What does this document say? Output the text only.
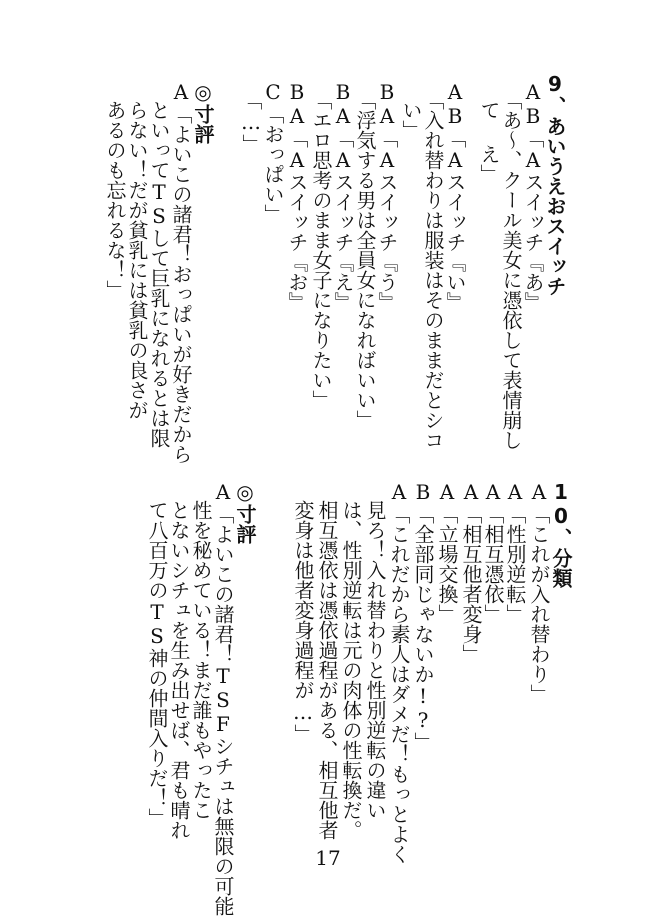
9、あいうえおスイッチ
AB「Aスイッチ『あ』
　「あ～、クール美女に憑依して表情崩し
　て え」
AB「Aスイッチ『い』
　「入れ替わりは服装はそのままだとシコ
　い」
BA「Aスイッチ『う』
　「浮気する男は全員女になればいい」
BA「Aスイッチ『え』
　「エロ思考のまま女子になりたい」
BA「Aスイッチ『お』
C「おっぱい」
　「…」
◎寸評
A「よいこの諸君！おっぱいが好きだから
　といってTSして巨乳になれるとは限
　らない！だが貧乳には貧乳の良さが
　あるのも忘れるな！」
10、分類
A「これが入れ替わり」
A「性別逆転」
A「相互憑依」
A「相互他者変身」
A「立場交換」
B「全部同じゃないか!?」
A「これだから素人はダメだ！もっとよく
　見ろ！入れ替わりと性別逆転の違い
　は、性別逆転は元の肉体の性転換だ。
　相互憑依は憑依過程がある、相互他者
　変身は他者変身過程が…」
◎寸評
A「よいこの諸君！TSFシチュは無限の可能
　性を秘めている！まだ誰もやったこ
　とないシチュを生み出せば、君も晴れ
　て八百万のTS神の仲間入りだ！」
17
